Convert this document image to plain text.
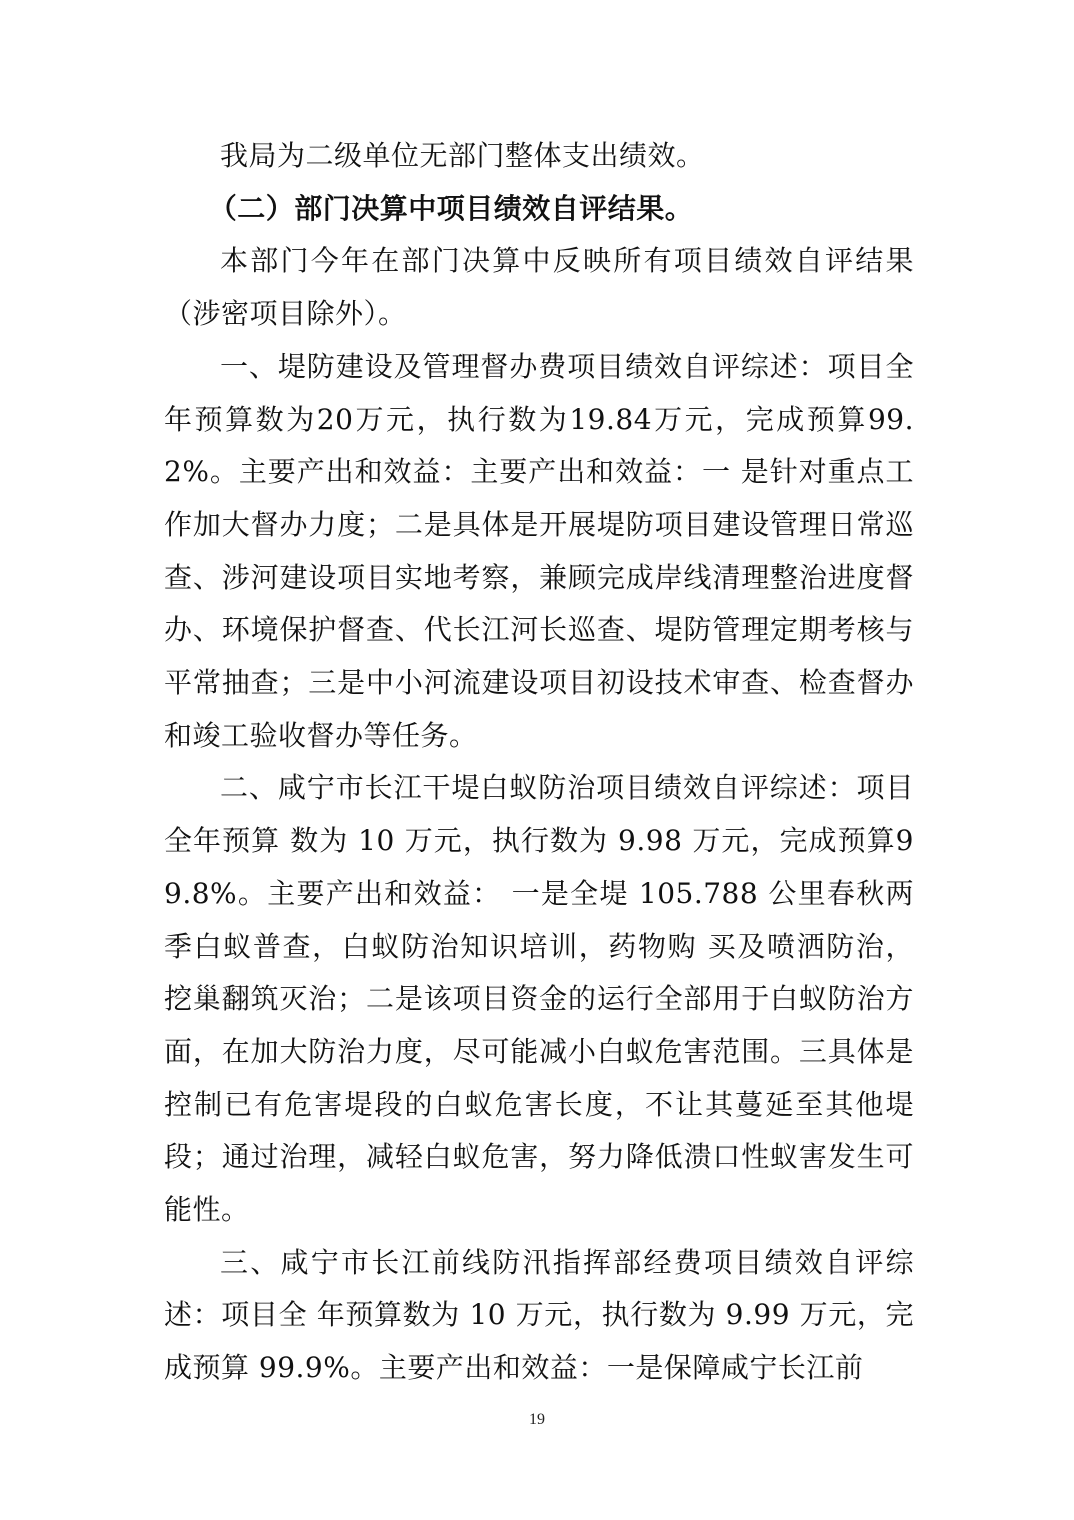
我局为二级单位无部门整体支出绩效。

（二）部门决算中项目绩效自评结果。

本部门今年在部门决算中反映所有项目绩效自评结果（涉密项目除外）。

一、堤防建设及管理督办费项目绩效自评综述：项目全年预算数为20万元，执行数为19.84万元，完成预算99.2%。主要产出和效益：主要产出和效益：一 是针对重点工作加大督办力度；二是具体是开展堤防项目建设管理日常巡查、涉河建设项目实地考察，兼顾完成岸线清理整治进度督办、环境保护督查、代长江河长巡查、堤防管理定期考核与平常抽查；三是中小河流建设项目初设技术审查、检查督办和竣工验收督办等任务。

二、咸宁市长江干堤白蚁防治项目绩效自评综述：项目全年预算 数为 10 万元，执行数为 9.98 万元，完成预算99.8%。主要产出和效益： 一是全堤 105.788 公里春秋两季白蚁普查，白蚁防治知识培训，药物购 买及喷洒防治，挖巢翻筑灭治；二是该项目资金的运行全部用于白蚁防治方面，在加大防治力度，尽可能减小白蚁危害范围。三具体是控制已有危害堤段的白蚁危害长度，不让其蔓延至其他堤段；通过治理，减轻白蚁危害，努力降低溃口性蚁害发生可能性。

三、咸宁市长江前线防汛指挥部经费项目绩效自评综述：项目全 年预算数为 10 万元，执行数为 9.99 万元，完成预算 99.9%。主要产出和效益：一是保障咸宁长江前

19
